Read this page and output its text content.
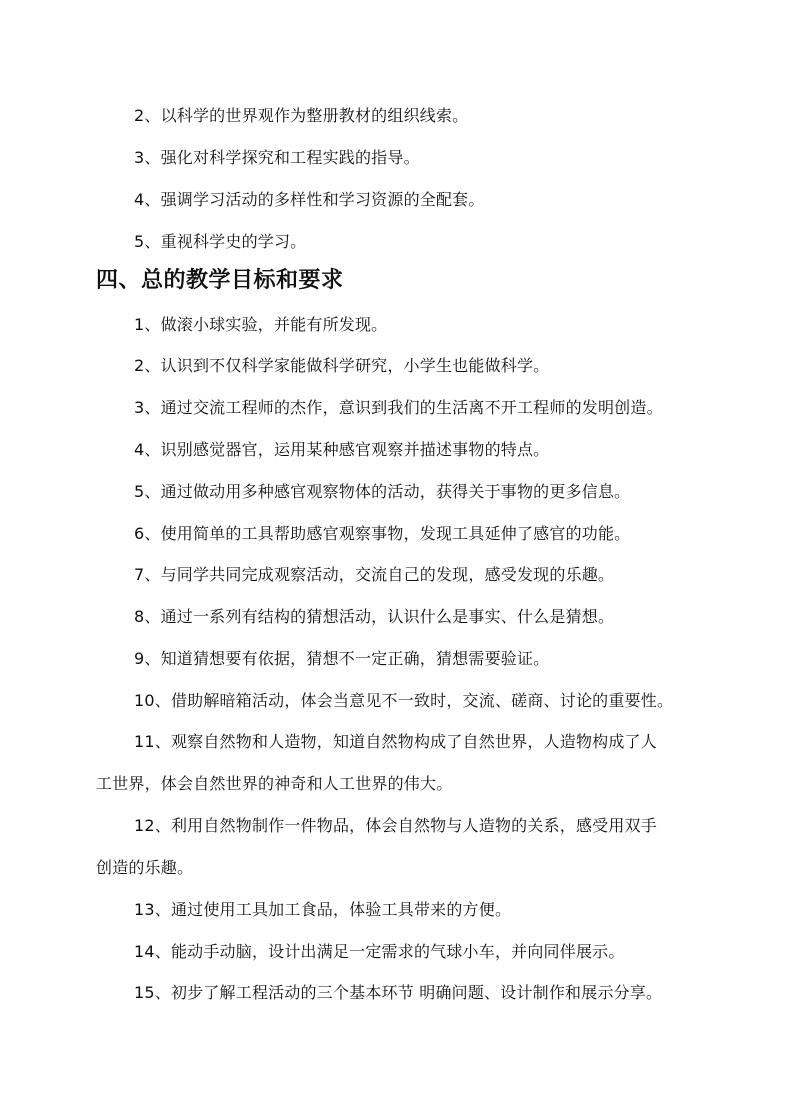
2、以科学的世界观作为整册教材的组织线索。
3、强化对科学探究和工程实践的指导。
4、强调学习活动的多样性和学习资源的全配套。
5、重视科学史的学习。
四、总的教学目标和要求
1、做滚小球实验，并能有所发现。
2、认识到不仅科学家能做科学研究，小学生也能做科学。
3、通过交流工程师的杰作，意识到我们的生活离不开工程师的发明创造。
4、识别感觉器官，运用某种感官观察并描述事物的特点。
5、通过做动用多种感官观察物体的活动，获得关于事物的更多信息。
6、使用简单的工具帮助感官观察事物，发现工具延伸了感官的功能。
7、与同学共同完成观察活动，交流自己的发现，感受发现的乐趣。
8、通过一系列有结构的猜想活动，认识什么是事实、什么是猜想。
9、知道猜想要有依据，猜想不一定正确，猜想需要验证。
10、借助解暗箱活动，体会当意见不一致时，交流、磋商、讨论的重要性。
11、观察自然物和人造物，知道自然物构成了自然世界，人造物构成了人
工世界，体会自然世界的神奇和人工世界的伟大。
12、利用自然物制作一件物品，体会自然物与人造物的关系，感受用双手
创造的乐趣。
13、通过使用工具加工食品，体验工具带来的方便。
14、能动手动脑，设计出满足一定需求的气球小车，并向同伴展示。
15、初步了解工程活动的三个基本环节 明确问题、设计制作和展示分享。
